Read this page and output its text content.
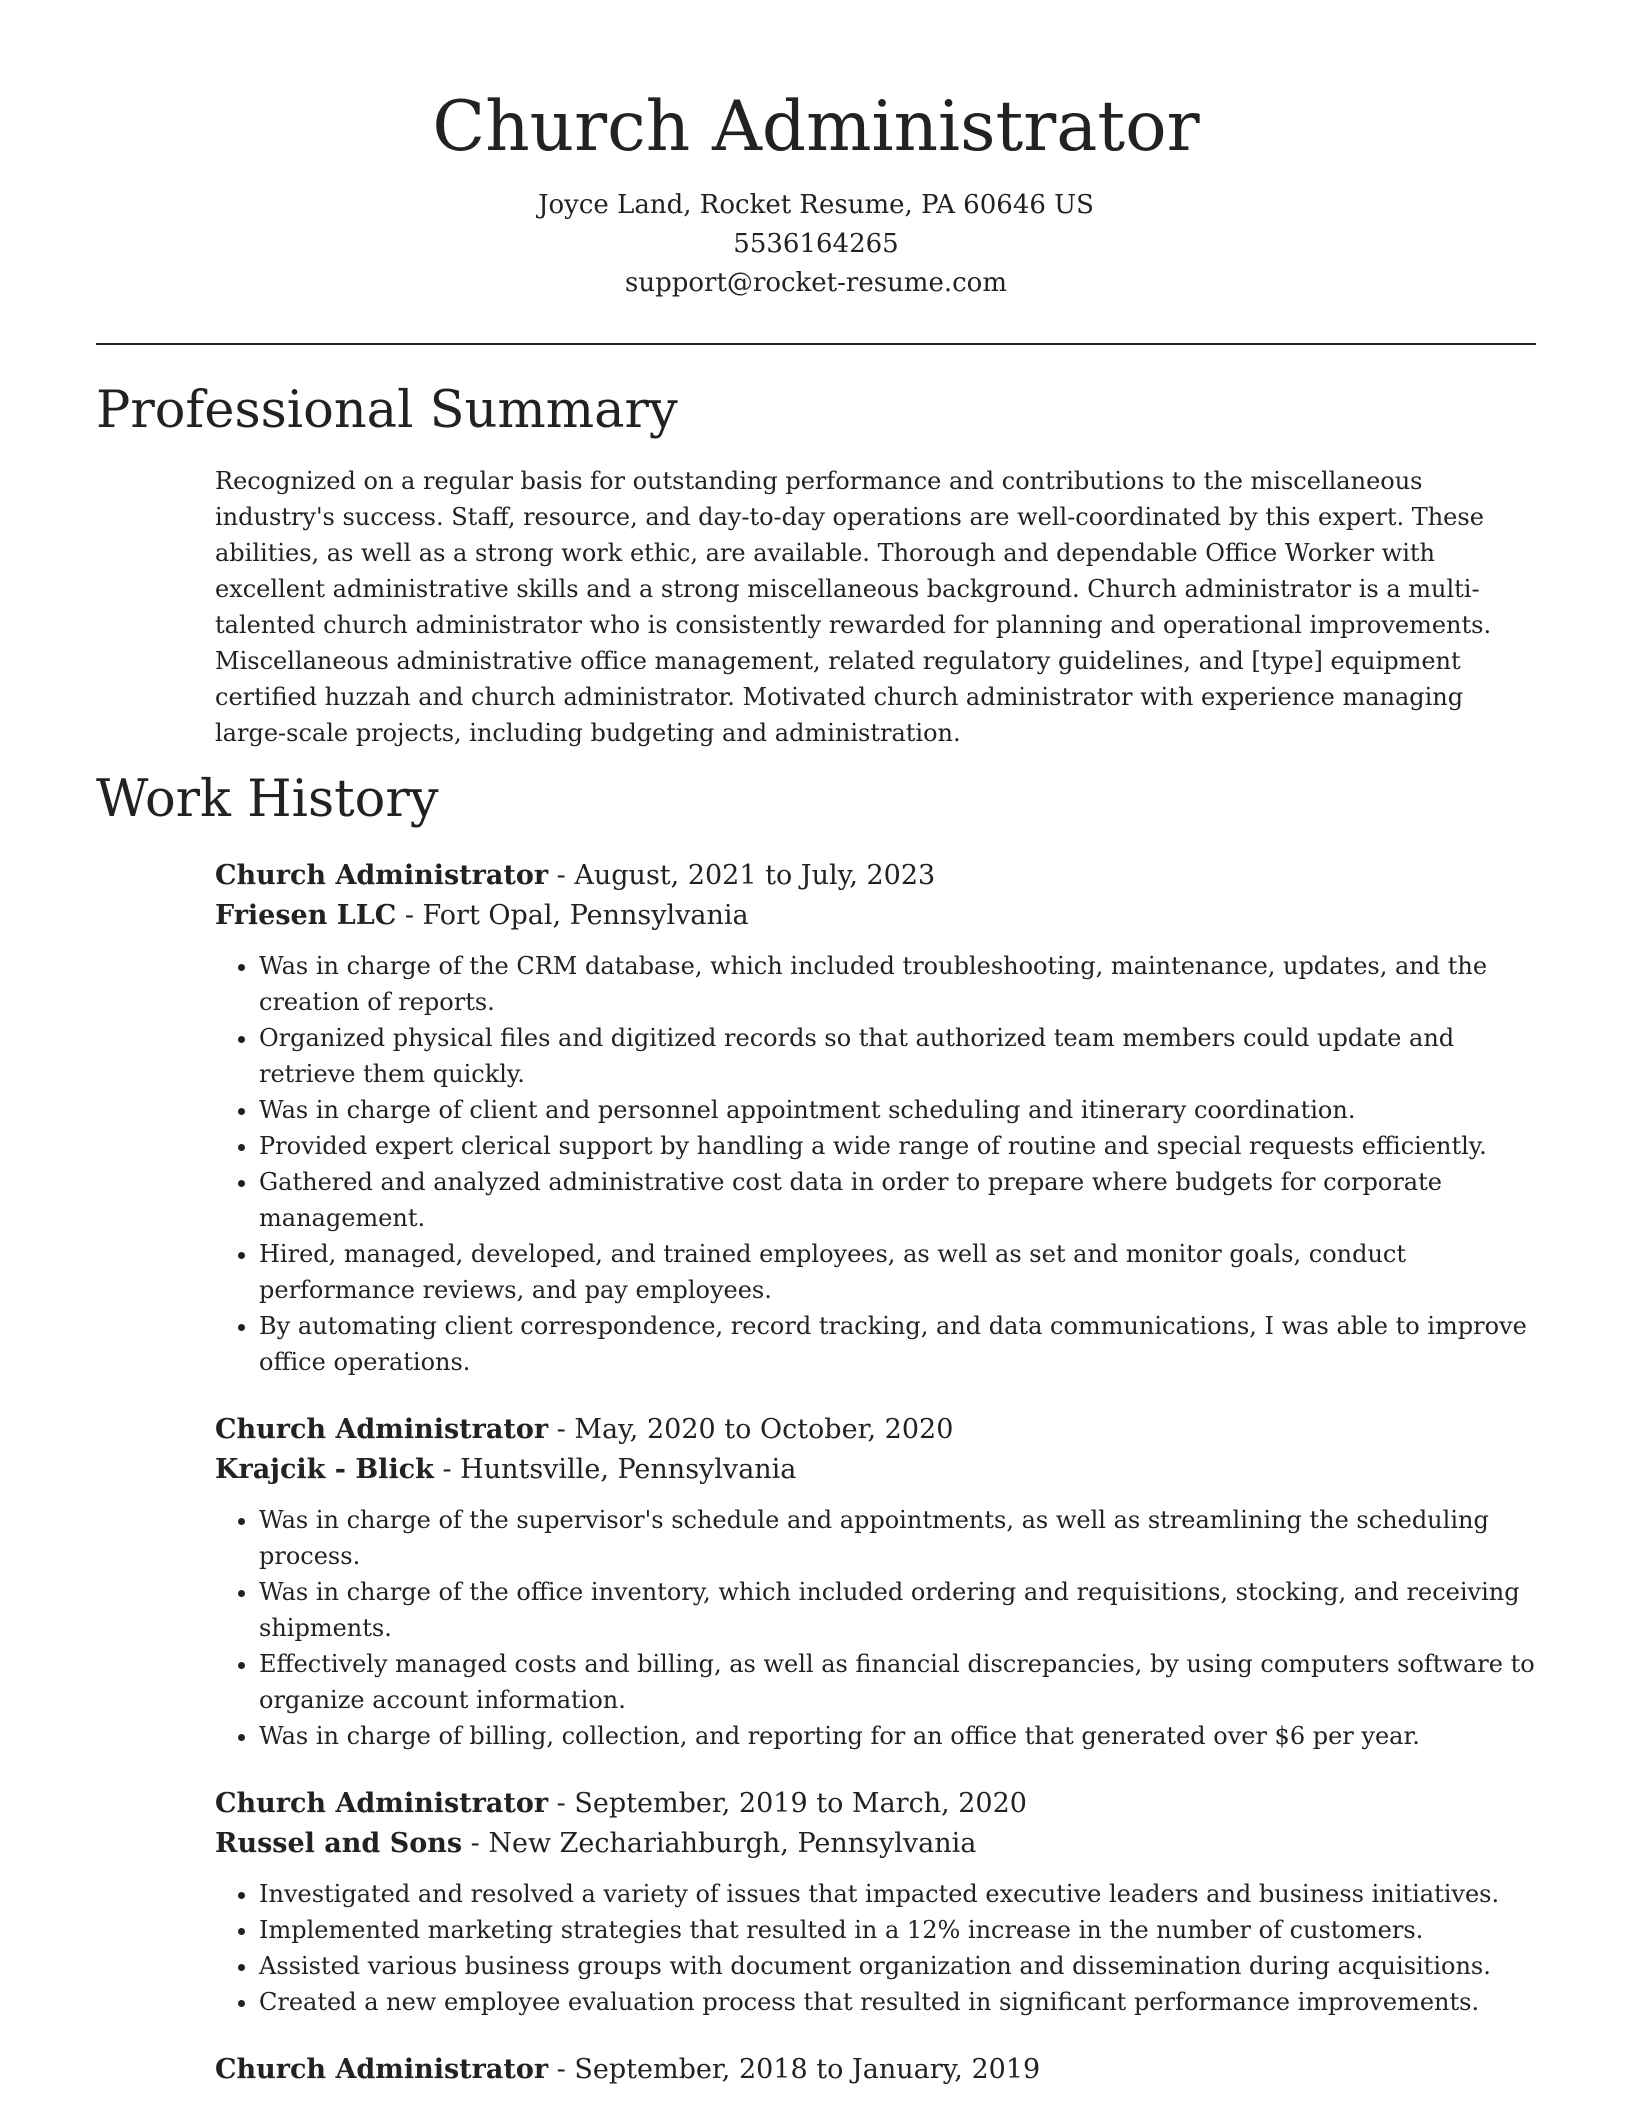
Church Administrator
Joyce Land, Rocket Resume, PA 60646 US
5536164265
support@rocket-resume.com
Professional Summary

Recognized on a regular basis for outstanding performance and contributions to the miscellaneous industry's success. Staff, resource, and day-to-day operations are well-coordinated by this expert. These abilities, as well as a strong work ethic, are available. Thorough and dependable Office Worker with excellent administrative skills and a strong miscellaneous background. Church administrator is a multi-talented church administrator who is consistently rewarded for planning and operational improvements. Miscellaneous administrative office management, related regulatory guidelines, and [type] equipment certified huzzah and church administrator. Motivated church administrator with experience managing large-scale projects, including budgeting and administration.

Work History
Church Administrator - August, 2021 to July, 2023
Friesen LLC - Fort Opal, Pennsylvania
• Was in charge of the CRM database, which included troubleshooting, maintenance, updates, and the creation of reports.
• Organized physical files and digitized records so that authorized team members could update and retrieve them quickly.
• Was in charge of client and personnel appointment scheduling and itinerary coordination.
• Provided expert clerical support by handling a wide range of routine and special requests efficiently.
• Gathered and analyzed administrative cost data in order to prepare where budgets for corporate management.
• Hired, managed, developed, and trained employees, as well as set and monitor goals, conduct performance reviews, and pay employees.
• By automating client correspondence, record tracking, and data communications, I was able to improve office operations.
Church Administrator - May, 2020 to October, 2020
Krajcik - Blick - Huntsville, Pennsylvania
• Was in charge of the supervisor's schedule and appointments, as well as streamlining the scheduling process.
• Was in charge of the office inventory, which included ordering and requisitions, stocking, and receiving shipments.
• Effectively managed costs and billing, as well as financial discrepancies, by using computers software to organize account information.
• Was in charge of billing, collection, and reporting for an office that generated over $6 per year.
Church Administrator - September, 2019 to March, 2020
Russel and Sons - New Zechariahburgh, Pennsylvania
• Investigated and resolved a variety of issues that impacted executive leaders and business initiatives.
• Implemented marketing strategies that resulted in a 12% increase in the number of customers.
• Assisted various business groups with document organization and dissemination during acquisitions.
• Created a new employee evaluation process that resulted in significant performance improvements.
Church Administrator - September, 2018 to January, 2019
